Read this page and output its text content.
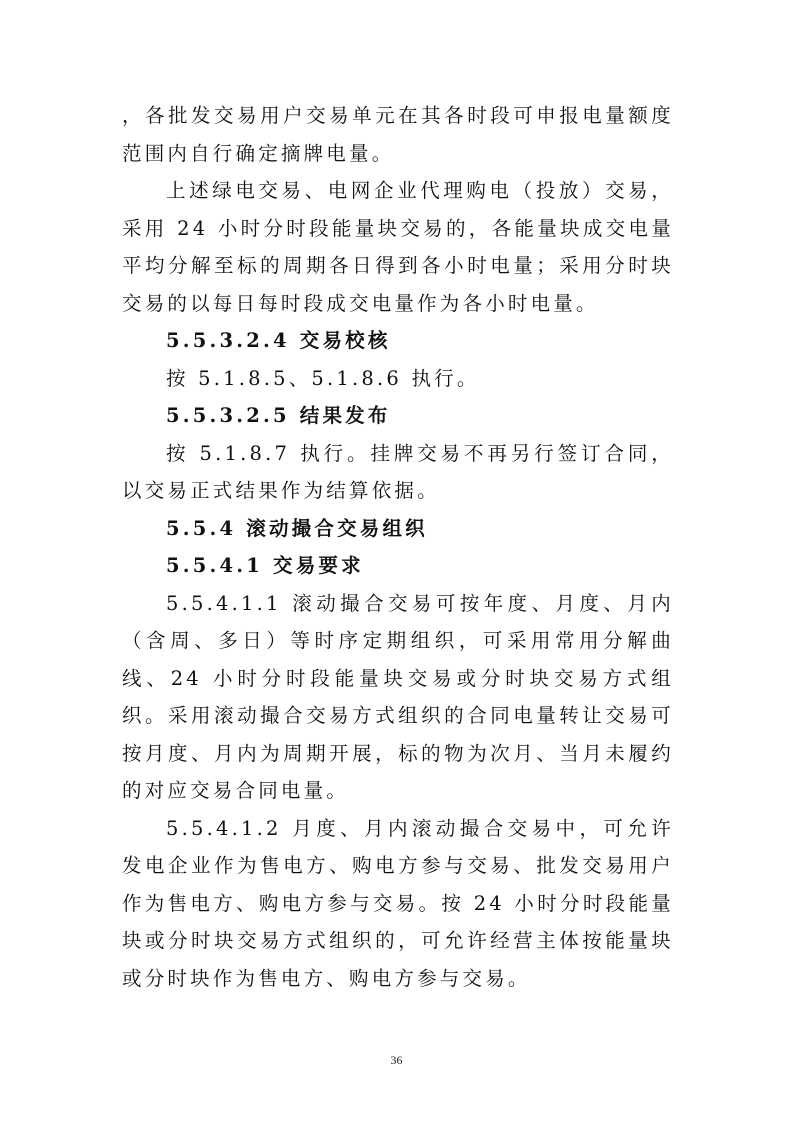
，各批发交易用户交易单元在其各时段可申报电量额度范围内自行确定摘牌电量。

上述绿电交易、电网企业代理购电（投放）交易，采用 24 小时分时段能量块交易的，各能量块成交电量平均分解至标的周期各日得到各小时电量；采用分时块交易的以每日每时段成交电量作为各小时电量。

5.5.3.2.4 交易校核

按 5.1.8.5、5.1.8.6 执行。

5.5.3.2.5 结果发布

按 5.1.8.7 执行。挂牌交易不再另行签订合同，以交易正式结果作为结算依据。

5.5.4 滚动撮合交易组织

5.5.4.1 交易要求

5.5.4.1.1 滚动撮合交易可按年度、月度、月内（含周、多日）等时序定期组织，可采用常用分解曲线、24 小时分时段能量块交易或分时块交易方式组织。采用滚动撮合交易方式组织的合同电量转让交易可按月度、月内为周期开展，标的物为次月、当月未履约的对应交易合同电量。

5.5.4.1.2 月度、月内滚动撮合交易中，可允许发电企业作为售电方、购电方参与交易、批发交易用户作为售电方、购电方参与交易。按 24 小时分时段能量块或分时块交易方式组织的，可允许经营主体按能量块或分时块作为售电方、购电方参与交易。

36
